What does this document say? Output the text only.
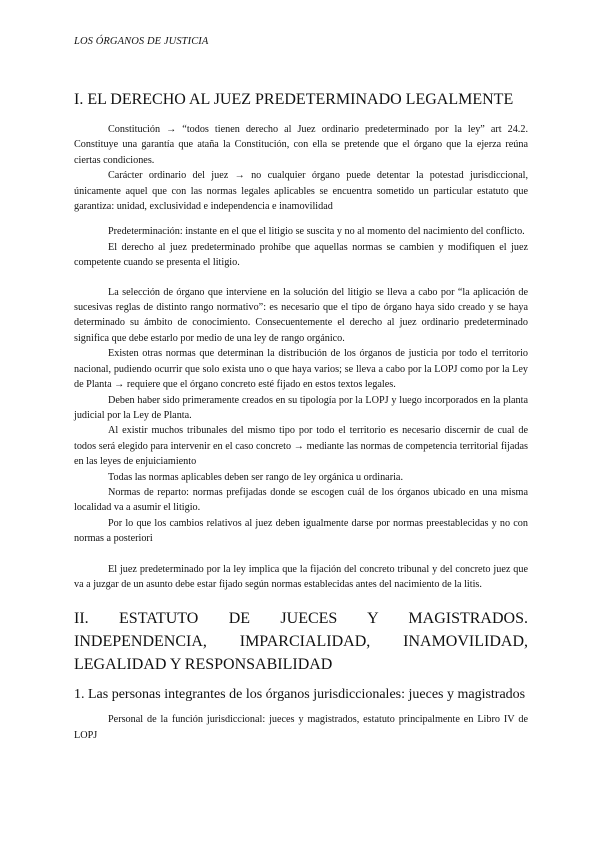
LOS ÓRGANOS DE JUSTICIA
I. EL DERECHO AL JUEZ PREDETERMINADO LEGALMENTE

Constitución → “todos tienen derecho al Juez ordinario predeterminado por la ley” art 24.2. Constituye una garantía que ataña la Constitución, con ella se pretende que el órgano que la ejerza reúna ciertas condiciones.

Carácter ordinario del juez → no cualquier órgano puede detentar la potestad jurisdiccional, únicamente aquel que con las normas legales aplicables se encuentra sometido un particular estatuto que garantiza: unidad, exclusividad e independencia e inamovilidad

Predeterminación: instante en el que el litigio se suscita y no al momento del nacimiento del conflicto.

El derecho al juez predeterminado prohíbe que aquellas normas se cambien y modifiquen el juez competente cuando se presenta el litigio.

La selección de órgano que interviene en la solución del litigio se lleva a cabo por “la aplicación de sucesivas reglas de distinto rango normativo”: es necesario que el tipo de órgano haya sido creado y se haya determinado su ámbito de conocimiento. Consecuentemente el derecho al juez ordinario predeterminado significa que debe estarlo por medio de una ley de rango orgánico.

Existen otras normas que determinan la distribución de los órganos de justicia por todo el territorio nacional, pudiendo ocurrir que solo exista uno o que haya varios; se lleva a cabo por la LOPJ como por la Ley de Planta → requiere que el órgano concreto esté fijado en estos textos legales.

Deben haber sido primeramente creados en su tipología por la LOPJ y luego incorporados en la planta judicial por la Ley de Planta.

Al existir muchos tribunales del mismo tipo por todo el territorio es necesario discernir de cual de todos será elegido para intervenir en el caso concreto → mediante las normas de competencia territorial fijadas en las leyes de enjuiciamiento

Todas las normas aplicables deben ser rango de ley orgánica u ordinaria.

Normas de reparto: normas prefijadas donde se escogen cuál de los órganos ubicado en una misma localidad va a asumir el litigio.

Por lo que los cambios relativos al juez deben igualmente darse por normas preestablecidas y no con normas a posteriori

El juez predeterminado por la ley implica que la fijación del concreto tribunal y del concreto juez que va a juzgar de un asunto debe estar fijado según normas establecidas antes del nacimiento de la litis.

II. ESTATUTO DE JUECES Y MAGISTRADOS.
INDEPENDENCIA, IMPARCIALIDAD, INAMOVILIDAD,
LEGALIDAD Y RESPONSABILIDAD
1. Las personas integrantes de los órganos jurisdiccionales: jueces y magistrados

Personal de la función jurisdiccional: jueces y magistrados, estatuto principalmente en Libro IV de LOPJ
